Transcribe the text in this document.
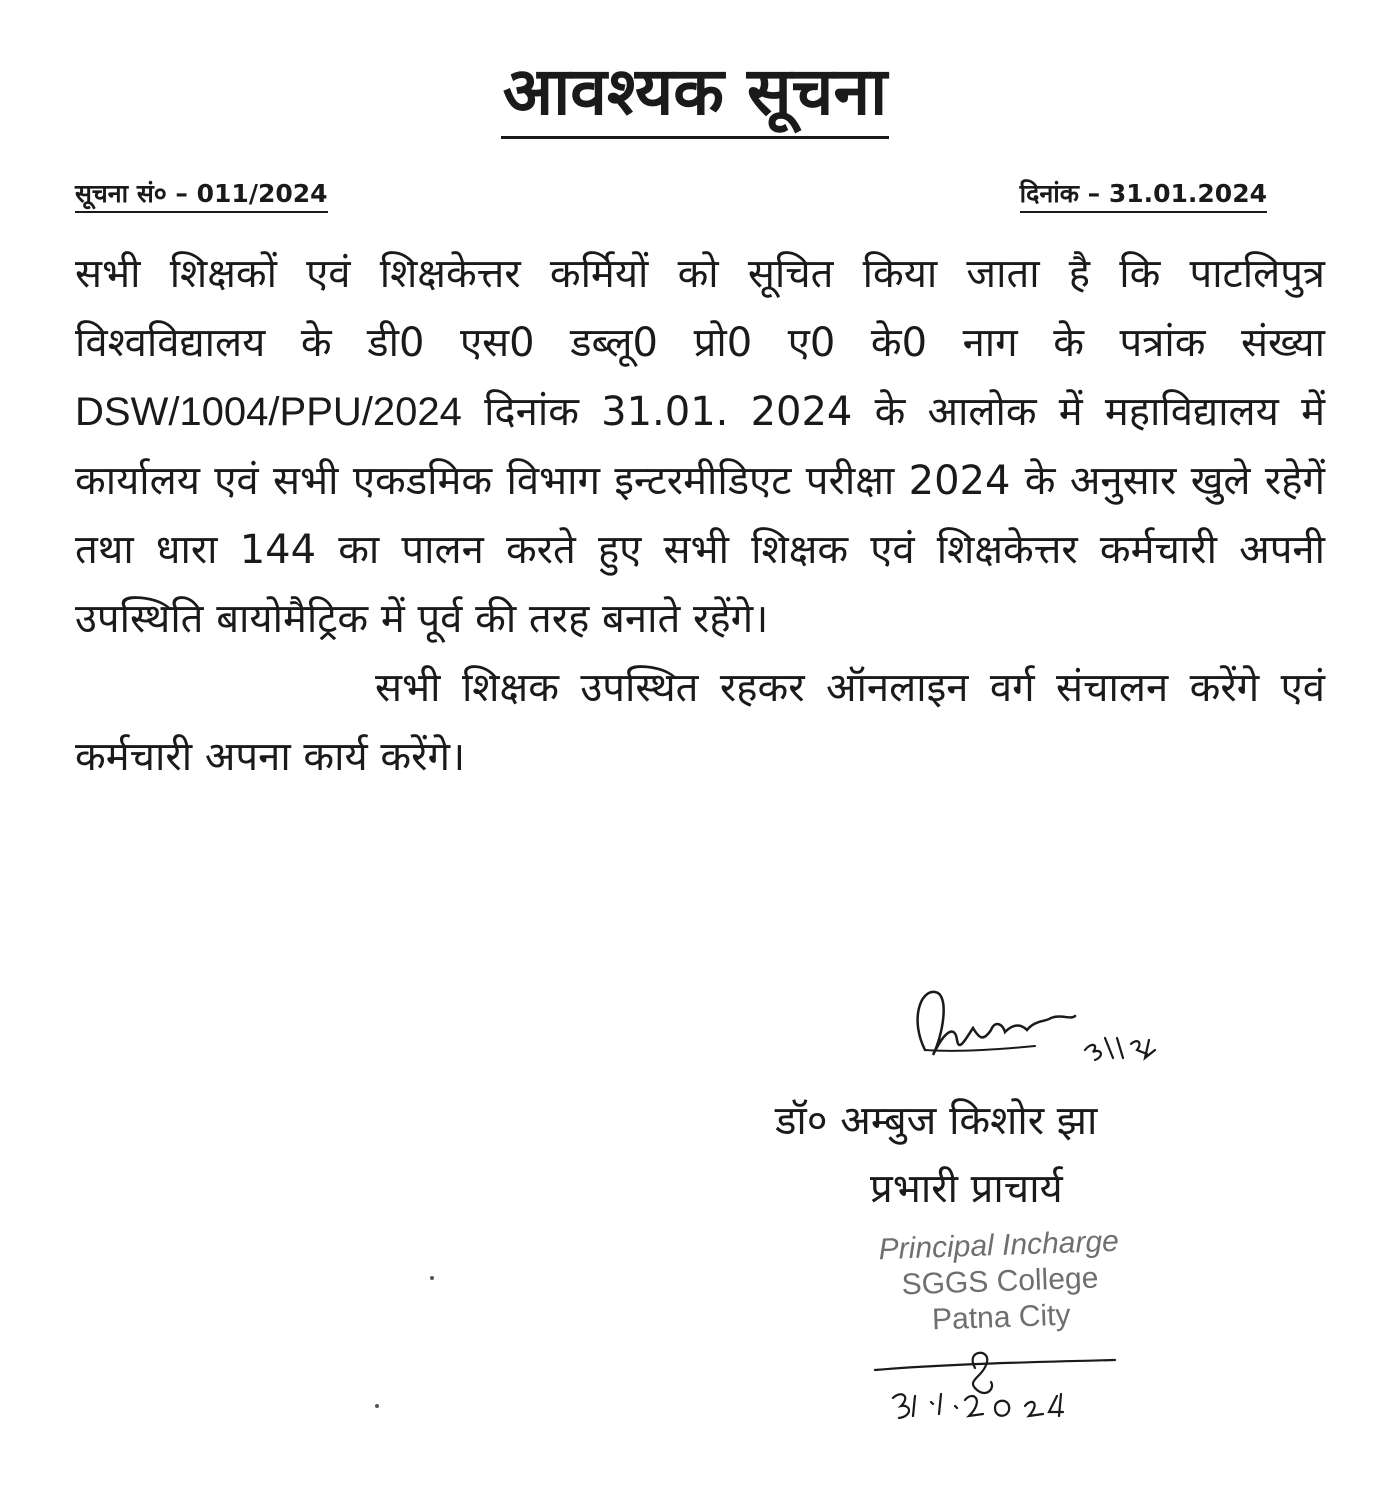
आवश्यक सूचना
सूचना सं० – 011/2024	दिनांक – 31.01.2024

सभी शिक्षकों एवं शिक्षकेत्तर कर्मियों को सूचित किया जाता है कि पाटलिपुत्र विश्वविद्यालय के डी0 एस0 डब्लू0 प्रो0 ए0 के0 नाग के पत्रांक संख्या DSW/1004/PPU/2024 दिनांक 31.01. 2024 के आलोक में महाविद्यालय में कार्यालय एवं सभी एकडमिक विभाग इन्टरमीडिएट परीक्षा 2024 के अनुसार खुले रहेगें तथा धारा 144 का पालन करते हुए सभी शिक्षक एवं शिक्षकेत्तर कर्मचारी अपनी उपस्थिति बायोमैट्रिक में पूर्व की तरह बनाते रहेंगे।

सभी शिक्षक उपस्थित रहकर ऑनलाइन वर्ग संचालन करेंगे एवं कर्मचारी अपना कार्य करेंगे।

डॉ० अम्बुज किशोर झा
प्रभारी प्राचार्य
Principal Incharge
SGGS College
Patna City
